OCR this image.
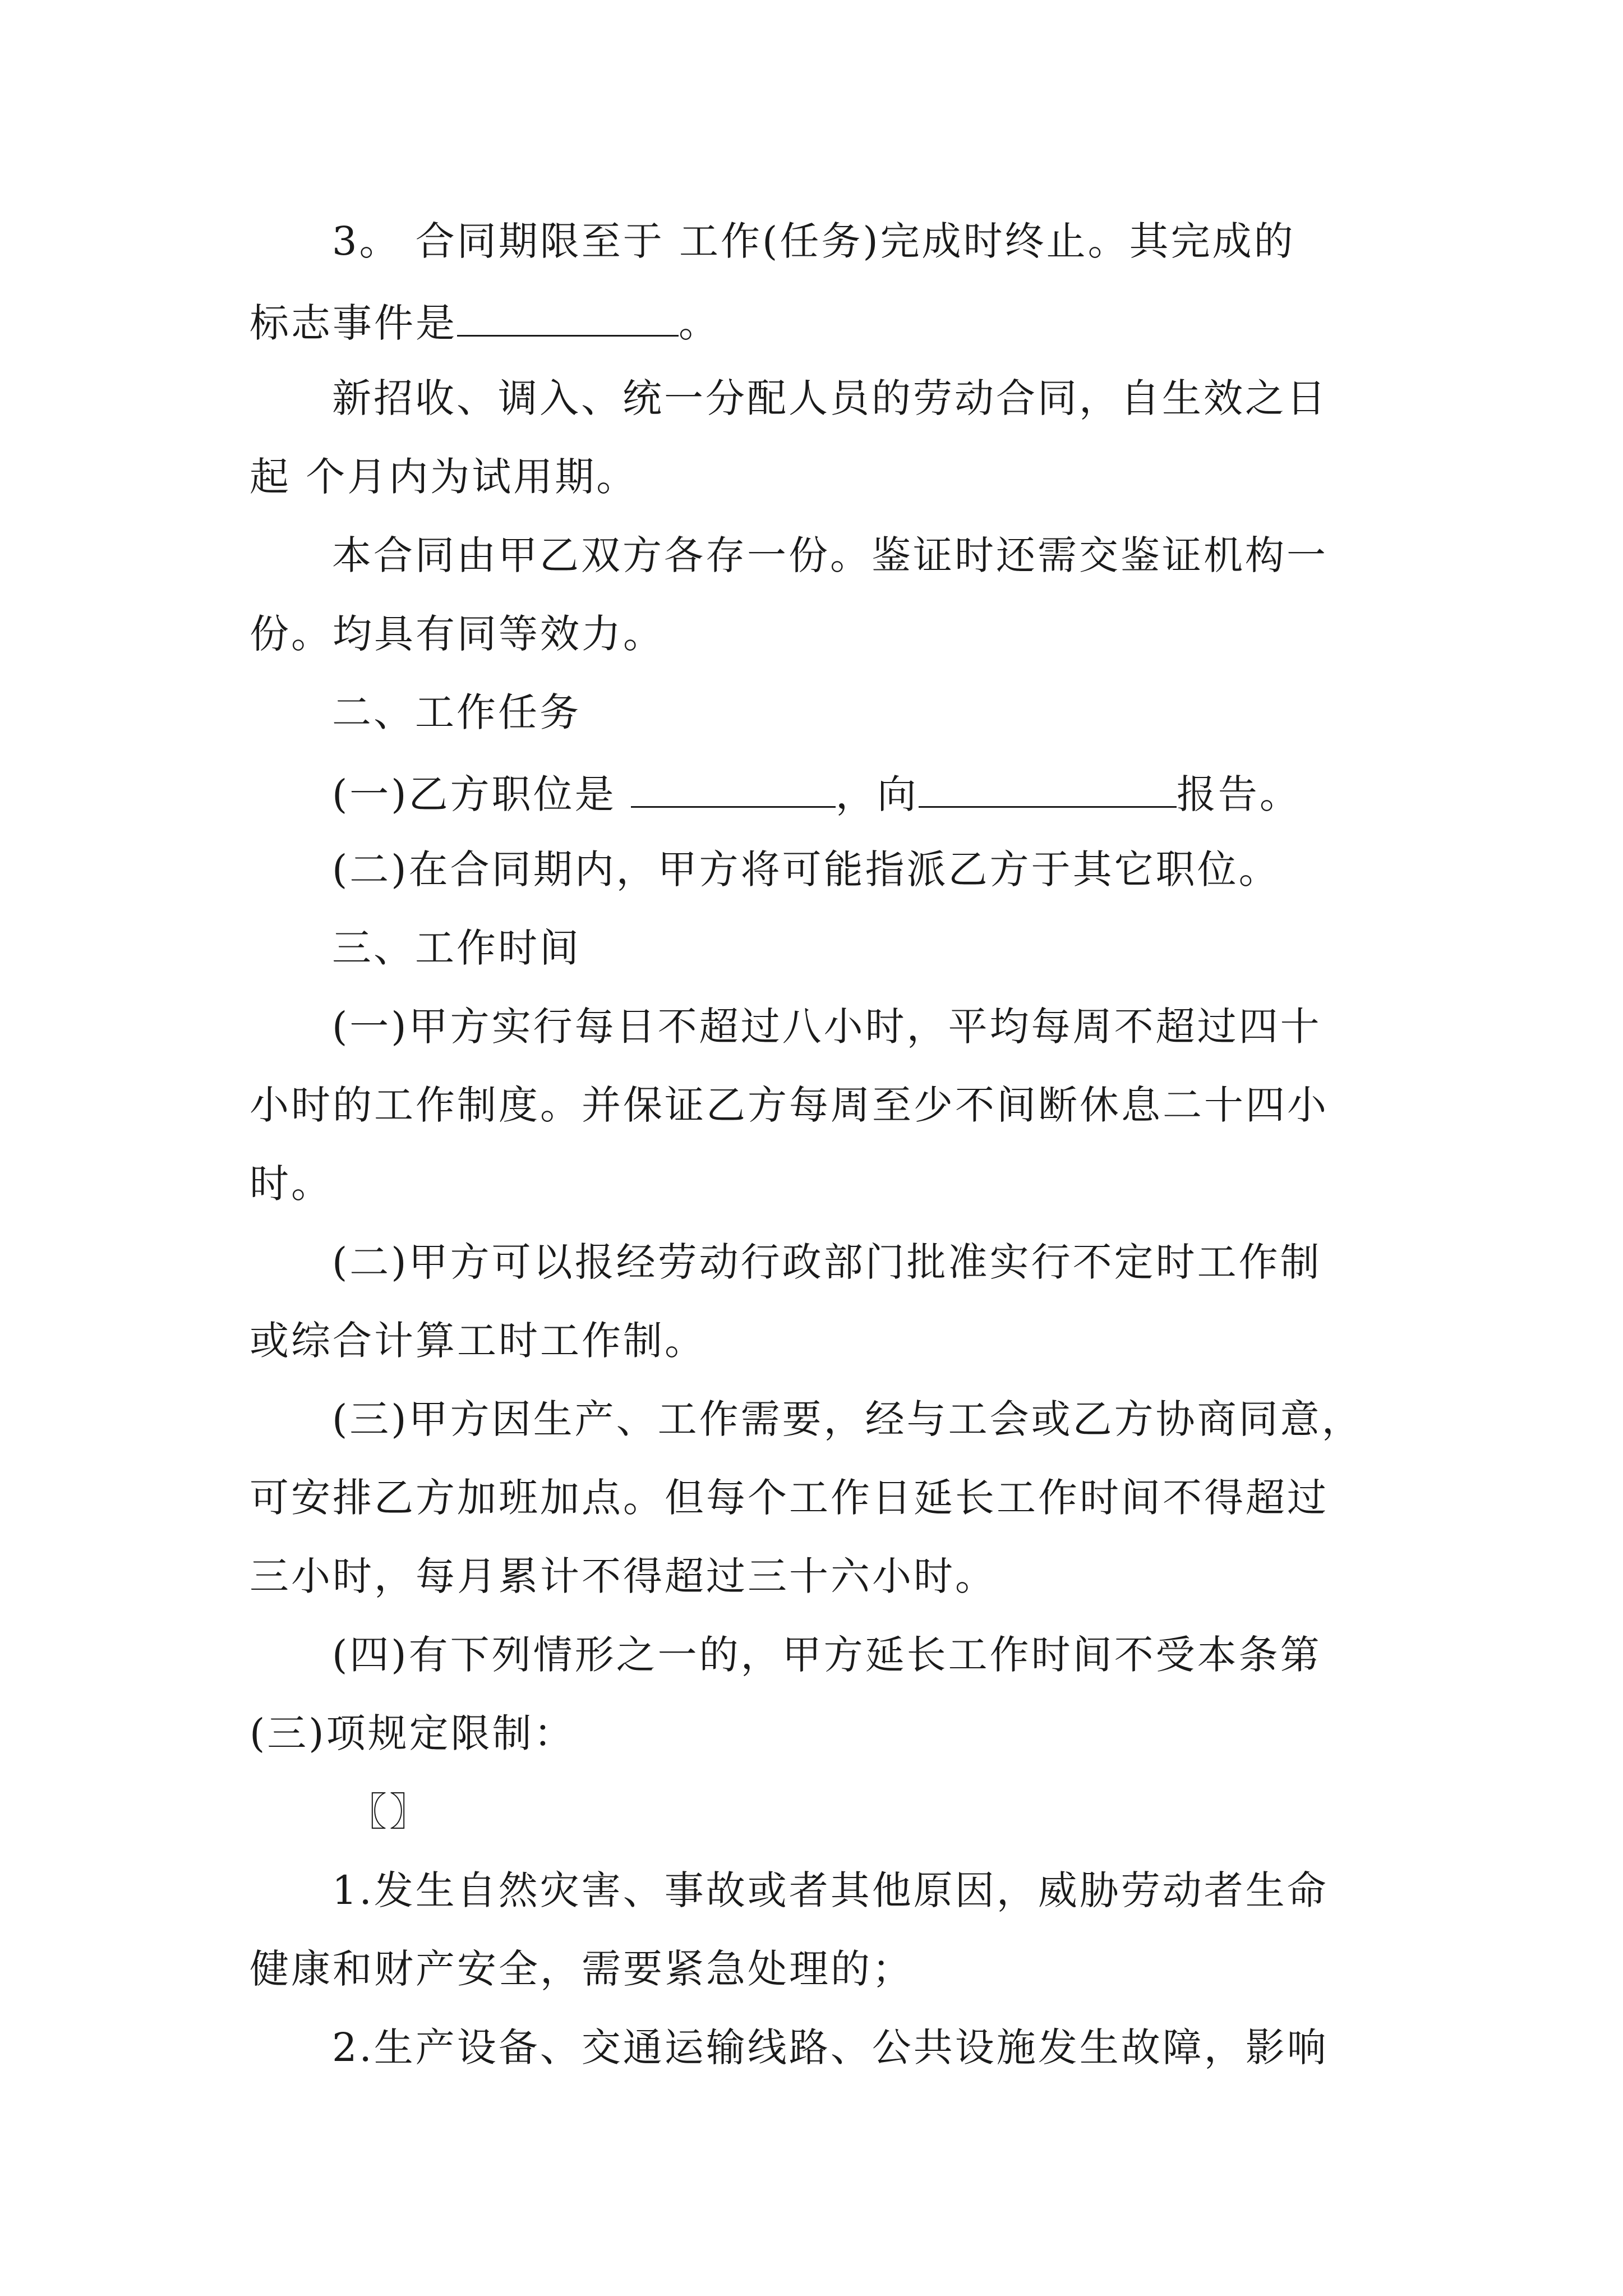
3。 合同期限至于 工作(任务)完成时终止。其完成的
标志事件是	。
新招收、调入、统一分配人员的劳动合同，自生效之日
起 个月内为试用期。
本合同由甲乙双方各存一份。鉴证时还需交鉴证机构一
份。均具有同等效力。
二、工作任务
(一)乙方职位是	，向	报告。
(二)在合同期内，甲方将可能指派乙方于其它职位。
三、工作时间
(一)甲方实行每日不超过八小时，平均每周不超过四十
小时的工作制度。并保证乙方每周至少不间断休息二十四小
时。
(二)甲方可以报经劳动行政部门批准实行不定时工作制
或综合计算工时工作制。
(三)甲方因生产、工作需要，经与工会或乙方协商同意，
可安排乙方加班加点。但每个工作日延长工作时间不得超过
三小时，每月累计不得超过三十六小时。
(四)有下列情形之一的，甲方延长工作时间不受本条第
(三)项规定限制：
〖〗
1.发生自然灾害、事故或者其他原因，威胁劳动者生命
健康和财产安全，需要紧急处理的；
2.生产设备、交通运输线路、公共设施发生故障，影响
